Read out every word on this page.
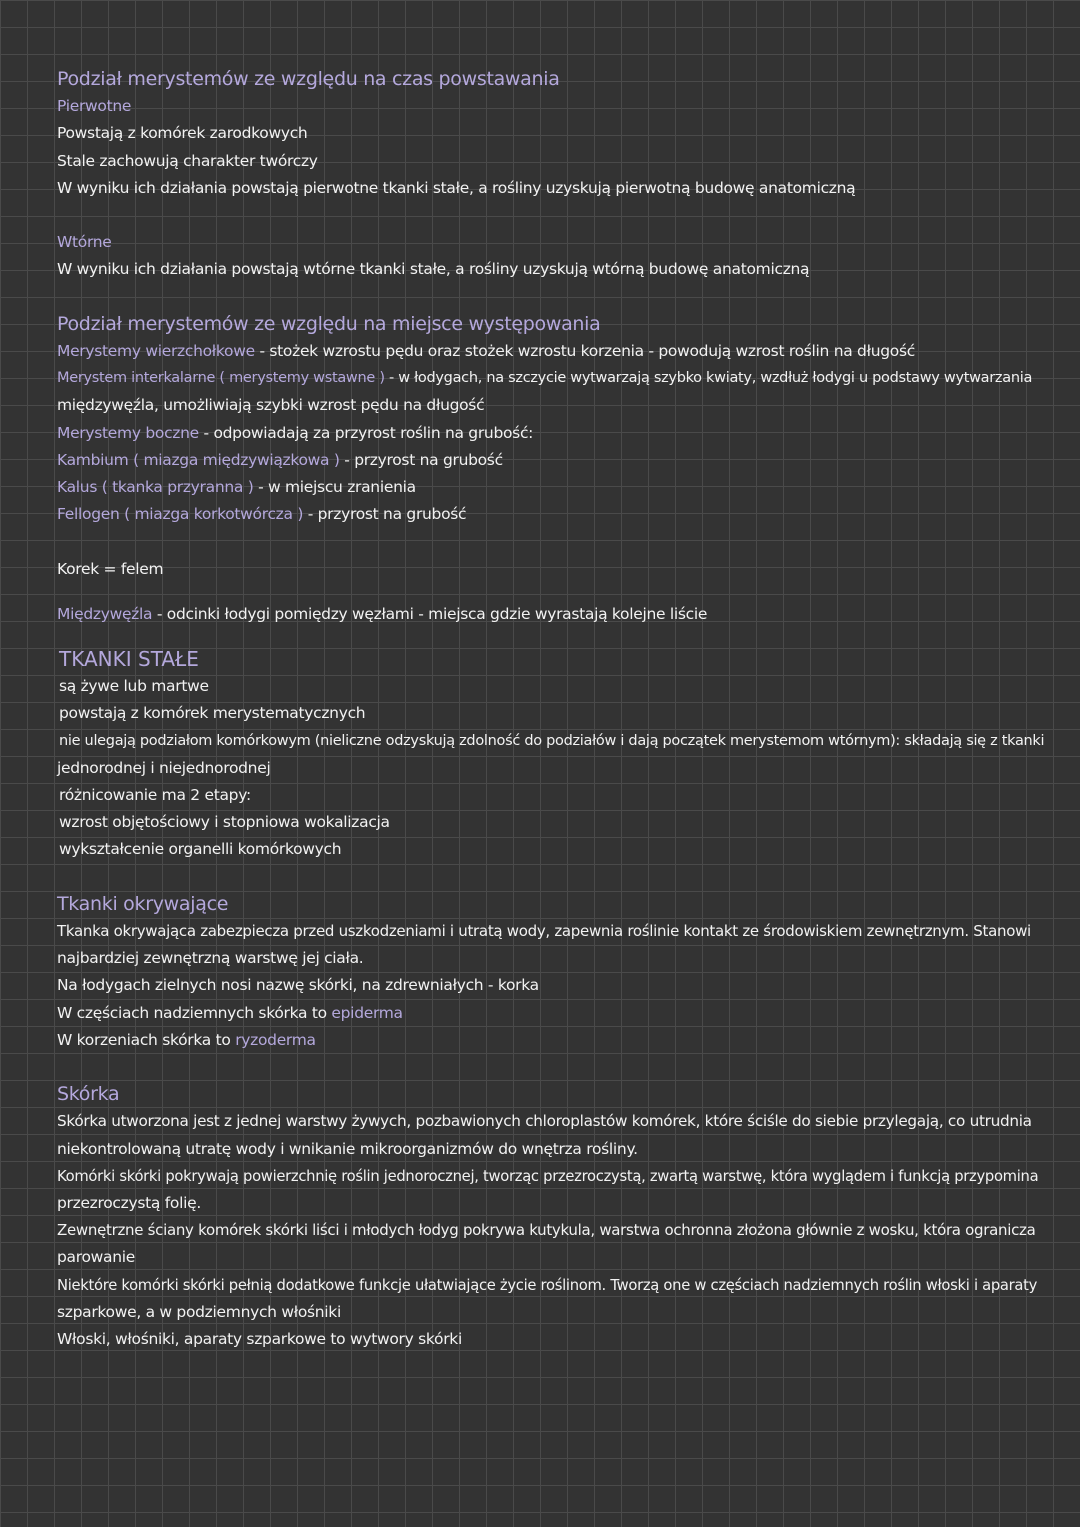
Podział merystemów ze względu na czas powstawania
Pierwotne
Powstają z komórek zarodkowych
Stale zachowują charakter twórczy
W wyniku ich działania powstają pierwotne tkanki stałe, a rośliny uzyskują pierwotną budowę anatomiczną
Wtórne
W wyniku ich działania powstają wtórne tkanki stałe, a rośliny uzyskują wtórną budowę anatomiczną
Podział merystemów ze względu na miejsce występowania
Merystemy wierzchołkowe - stożek wzrostu pędu oraz stożek wzrostu korzenia - powodują wzrost roślin na długość
Merystem interkalarne ( merystemy wstawne ) - w łodygach, na szczycie wytwarzają szybko kwiaty, wzdłuż łodygi u podstawy wytwarzania
międzywęźla, umożliwiają szybki wzrost pędu na długość
Merystemy boczne - odpowiadają za przyrost roślin na grubość:
Kambium ( miazga międzywiązkowa ) - przyrost na grubość
Kalus ( tkanka przyranna ) - w miejscu zranienia
Fellogen ( miazga korkotwórcza ) - przyrost na grubość
Korek = felem
Międzywęźla - odcinki łodygi pomiędzy węzłami - miejsca gdzie wyrastają kolejne liście
TKANKI STAŁE
są żywe lub martwe
powstają z komórek merystematycznych
nie ulegają podziałom komórkowym (nieliczne odzyskują zdolność do podziałów i dają początek merystemom wtórnym): składają się z tkanki
jednorodnej i niejednorodnej
różnicowanie ma 2 etapy:
wzrost objętościowy i stopniowa wokalizacja
wykształcenie organelli komórkowych
Tkanki okrywające
Tkanka okrywająca zabezpiecza przed uszkodzeniami i utratą wody, zapewnia roślinie kontakt ze środowiskiem zewnętrznym. Stanowi
najbardziej zewnętrzną warstwę jej ciała.
Na łodygach zielnych nosi nazwę skórki, na zdrewniałych - korka
W częściach nadziemnych skórka to epiderma
W korzeniach skórka to ryzoderma
Skórka
Skórka utworzona jest z jednej warstwy żywych, pozbawionych chloroplastów komórek, które ściśle do siebie przylegają, co utrudnia
niekontrolowaną utratę wody i wnikanie mikroorganizmów do wnętrza rośliny.
Komórki skórki pokrywają powierzchnię roślin jednorocznej, tworząc przezroczystą, zwartą warstwę, która wyglądem i funkcją przypomina
przezroczystą folię.
Zewnętrzne ściany komórek skórki liści i młodych łodyg pokrywa kutykula, warstwa ochronna złożona głównie z wosku, która ogranicza
parowanie
Niektóre komórki skórki pełnią dodatkowe funkcje ułatwiające życie roślinom. Tworzą one w częściach nadziemnych roślin włoski i aparaty
szparkowe, a w podziemnych włośniki
Włoski, włośniki, aparaty szparkowe to wytwory skórki
